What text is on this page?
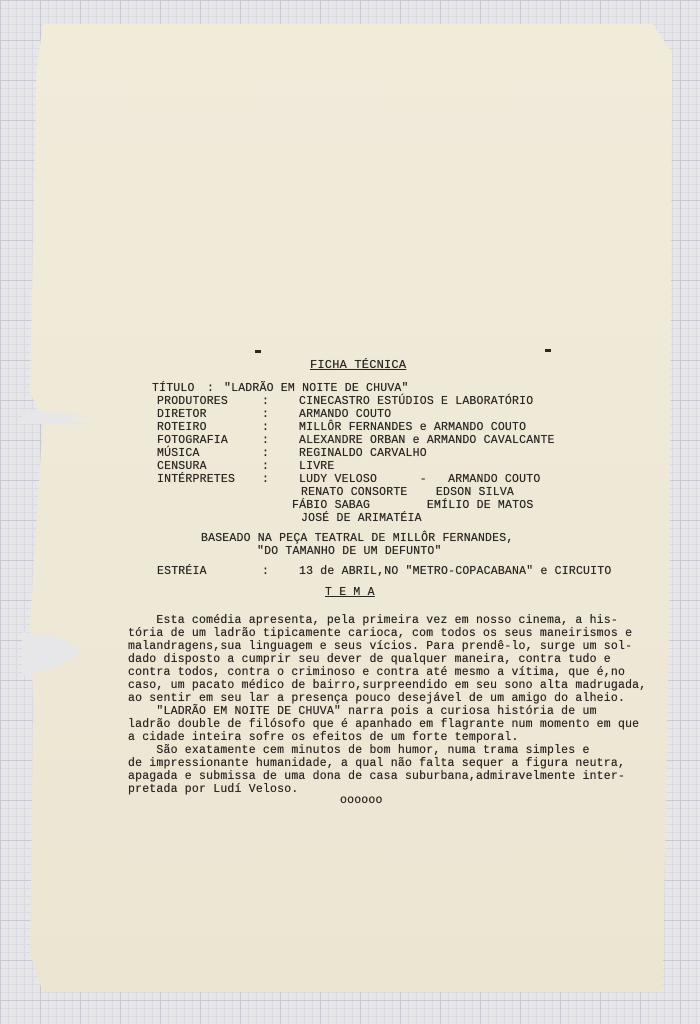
FICHA TÉCNICA
TÍTULO : "LADRÃO EM NOITE DE CHUVA"
PRODUTORES	:	CINECASTRO ESTÚDIOS E LABORATÓRIO
DIRETOR	:	ARMANDO COUTO
ROTEIRO	:	MILLÔR FERNANDES e ARMANDO COUTO
FOTOGRAFIA	:	ALEXANDRE ORBAN e ARMANDO CAVALCANTE
MÚSICA	:	REGINALDO CARVALHO
CENSURA	:	LIVRE
INTÉRPRETES :	LUDY VELOSO      -   ARMANDO COUTO
RENATO CONSORTE    EDSON SILVA
FÁBIO SABAG        EMÍLIO DE MATOS
JOSÉ DE ARIMATÉIA
BASEADO NA PEÇA TEATRAL DE MILLÔR FERNANDES,
"DO TAMANHO DE UM DEFUNTO"
ESTRÉIA	:	13 de ABRIL,NO "METRO-COPACABANA" e CIRCUITO
T E M A
Esta comédia apresenta, pela primeira vez em nosso cinema, a his-
tória de um ladrão tipicamente carioca, com todos os seus maneirismos e
malandragens,sua linguagem e seus vícios. Para prendê-lo, surge um sol-
dado disposto a cumprir seu dever de qualquer maneira, contra tudo e
contra todos, contra o criminoso e contra até mesmo a vítima, que é,no
caso, um pacato médico de bairro,surpreendido em seu sono alta madrugada,
ao sentir em seu lar a presença pouco desejável de um amigo do alheio.
"LADRÃO EM NOITE DE CHUVA" narra pois a curiosa história de um
ladrão double de filósofo que é apanhado em flagrante num momento em que
a cidade inteira sofre os efeitos de um forte temporal.
São exatamente cem minutos de bom humor, numa trama simples e
de impressionante humanidade, a qual não falta sequer a figura neutra,
apagada e submissa de uma dona de casa suburbana,admiravelmente inter-
pretada por Ludí Veloso.
oooooo
